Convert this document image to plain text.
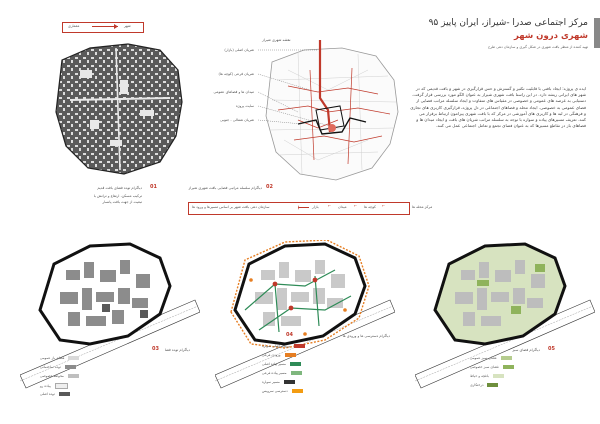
مرکز اجتماعی صدرا -شیراز، ایران پاییز ۹۵
شهری درون شهر
تهیه کننده از منظر بافت شهری در شکل گیری و سازمان دهی طرح
معماری	شهر
01
دیاگرام توده فضای بافت قدیم
ترکیب مسکن، ارتفاع و ترانش با
تبعیت از جهت بافت پانسار
نقشه شهری شیراز
شریان اصلی (بازار)
شریان فرعی (کوچه ها)
میدان ها و فضاهای عمومی
سایت پروژه
شریان شمالی - جنوبی
02
دیاگرام سلسله مراتبی فضایی بافت شهری شیراز
ایده ی پروژه: ایجاد بافتی با قابلیت تکثیر و گسترش و حس قرارگیری در شهر و بافت قدیمی که در شهر های ایرانی ریشه دارد. در این راستا بافت شهری شیراز به عنوان الگو مورد بررسی قرار گرفت. دستیابی به عرصه های عمومی و خصوصی در مقیاس های متفاوت و ایجاد سلسله مراتب فضایی از فضای عمومی به خصوصی. ایجاد محله و فضاهای اجتماعی در دل پروژه، قرارگیری کاربری های تجاری و فرهنگی در لبه ها و کاربری های آموزشی در مرکز که با بافت شهری پیرامون ارتباط برقرار می کنند. تعریف مسیرهای پیاده و سواره با توجه به سلسله مراتب شریان های بافت و ایجاد میدان ها و فضاهای باز در تقاطع مسیرها که به عنوان فضای تجمع و تعامل اجتماعی عمل می کنند.
سازمان دهی بافت شهر بر اساس مسیرها و ورود ها	بازار	← میدان ← کوچه ها ←	مرکز محله ها
03 دیاگرام توده فضا
فضای باز عمومی
توده ساختمانی
محوطه خصوصی
پیاده رو
توده اصلی
04	دیاگرام دسترسی ها و ورودی ها
ورودی اصلی سواره
ورودی فرعی
مسیر پیاده اصلی
مسیر پیاده فرعی
مسیر سواره
دسترسی سرویس
05
دیاگرام فضای سبز
فضای سبز عمومی
فضای سبز خصوصی
باغچه و حیاط
درختکاری
